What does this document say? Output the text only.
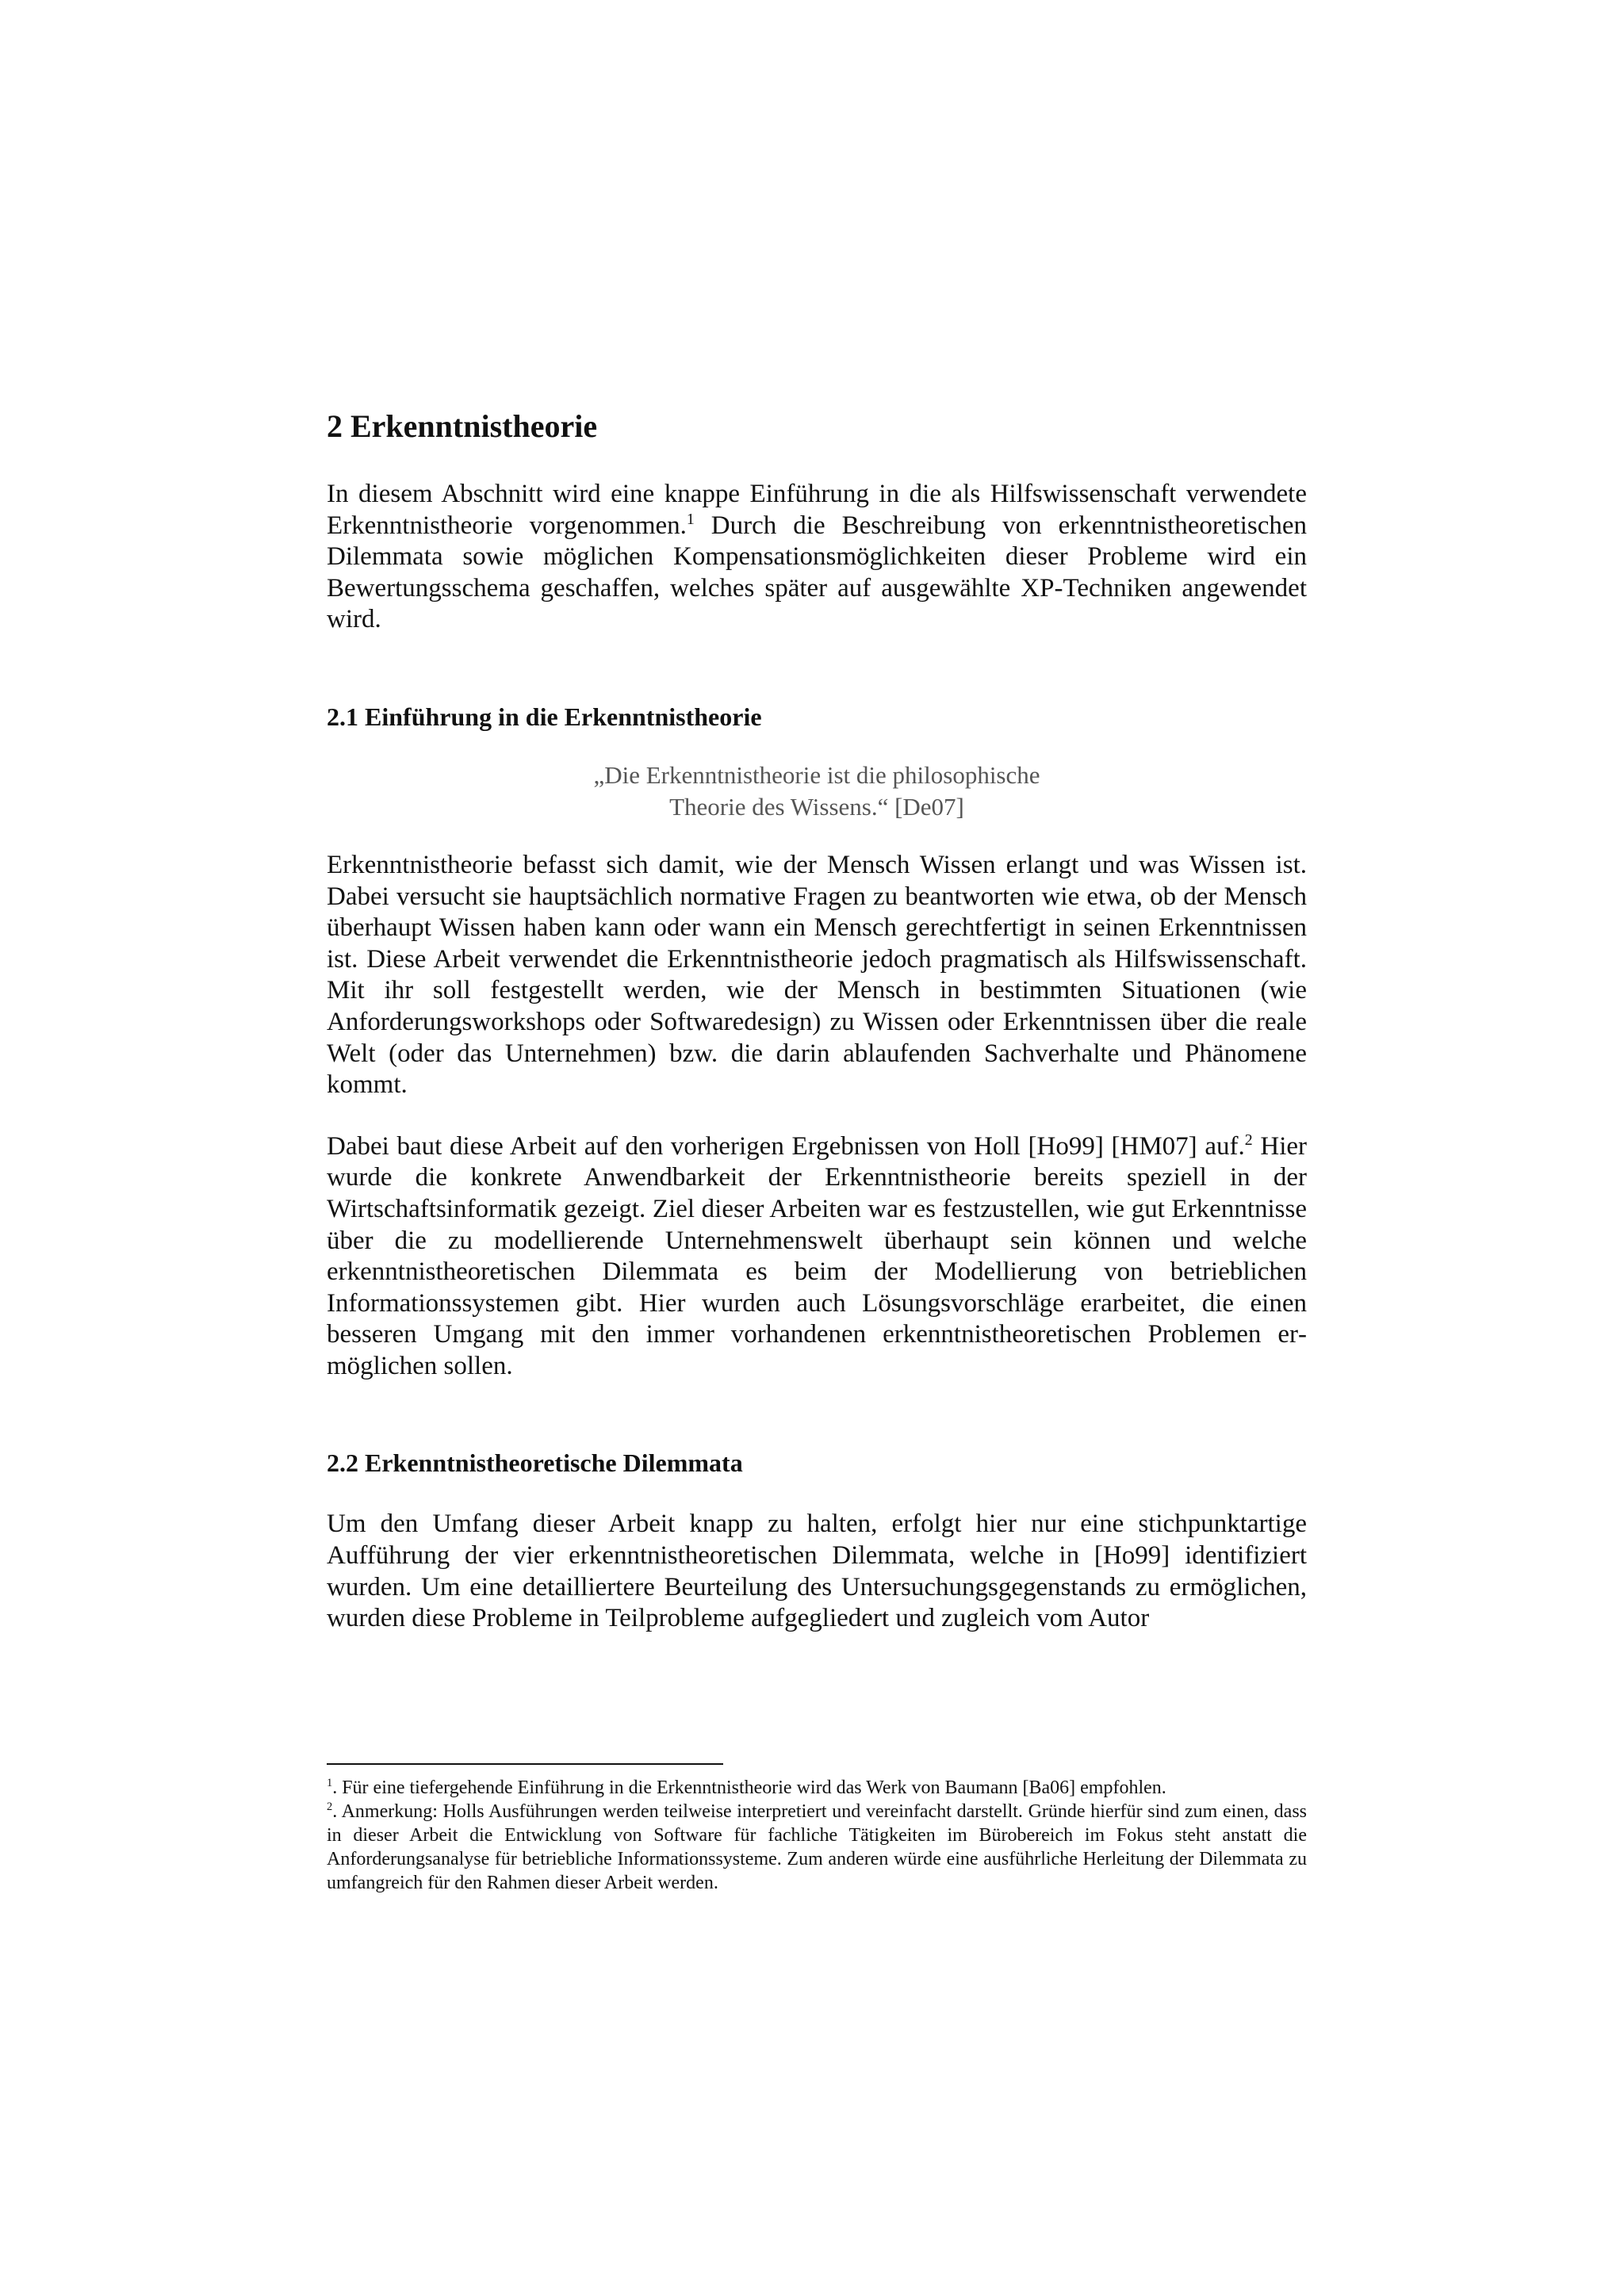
2 Erkenntnistheorie

In diesem Abschnitt wird eine knappe Einführung in die als Hilfswissenschaft verwendete Erkenntnistheorie vorgenommen.$^1$ Durch die Beschreibung von erkenntnistheoretischen Dilemmata sowie möglichen Kompensationsmöglichkeiten dieser Probleme wird ein Bewertungsschema geschaffen, welches später auf ausgewählte XP-Techniken angewendet wird.

2.1 Einführung in die Erkenntnistheorie
„Die Erkenntnistheorie ist die philosophische
Theorie des Wissens.“ [De07]

Erkenntnistheorie befasst sich damit, wie der Mensch Wissen erlangt und was Wissen ist. Dabei versucht sie hauptsächlich normative Fragen zu beantworten wie etwa, ob der Mensch überhaupt Wissen haben kann oder wann ein Mensch gerechtfertigt in seinen Erkenntnissen ist. Diese Arbeit verwendet die Erkenntnistheorie jedoch pragmatisch als Hilfswissenschaft. Mit ihr soll festgestellt werden, wie der Mensch in bestimmten Situationen (wie Anforderungsworkshops oder Softwaredesign) zu Wissen oder Erkenntnissen über die reale Welt (oder das Unternehmen) bzw. die darin ablaufenden Sachverhalte und Phänomene kommt.

Dabei baut diese Arbeit auf den vorherigen Ergebnissen von Holl [Ho99] [HM07] auf.$^2$ Hier wurde die konkrete Anwendbarkeit der Erkenntnistheorie bereits speziell in der Wirtschaftsinformatik gezeigt. Ziel dieser Arbeiten war es festzustellen, wie gut Erkenntnisse über die zu modellierende Unternehmenswelt überhaupt sein können und welche erkenntnistheoretischen Dilemmata es beim der Modellierung von betrieblichen Informationssystemen gibt. Hier wurden auch Lösungsvorschläge erarbeitet, die einen besseren Umgang mit den immer vorhandenen erkenntnistheoretischen Problemen ermöglichen sollen.

2.2 Erkenntnistheoretische Dilemmata

Um den Umfang dieser Arbeit knapp zu halten, erfolgt hier nur eine stichpunktartige Aufführung der vier erkenntnistheoretischen Dilemmata, welche in [Ho99] identifiziert wurden. Um eine detailliertere Beurteilung des Untersuchungsgegenstands zu ermöglichen, wurden diese Probleme in Teilprobleme aufgegliedert und zugleich vom Autor

$^1$. Für eine tiefergehende Einführung in die Erkenntnistheorie wird das Werk von Baumann [Ba06] empfohlen.

$^2$. Anmerkung: Holls Ausführungen werden teilweise interpretiert und vereinfacht darstellt. Gründe hierfür sind zum einen, dass in dieser Arbeit die Entwicklung von Software für fachliche Tätigkeiten im Bürobereich im Fokus steht anstatt die Anforderungsanalyse für betriebliche Informationssysteme. Zum anderen würde eine ausführliche Herleitung der Dilemmata zu umfangreich für den Rahmen dieser Arbeit werden.
